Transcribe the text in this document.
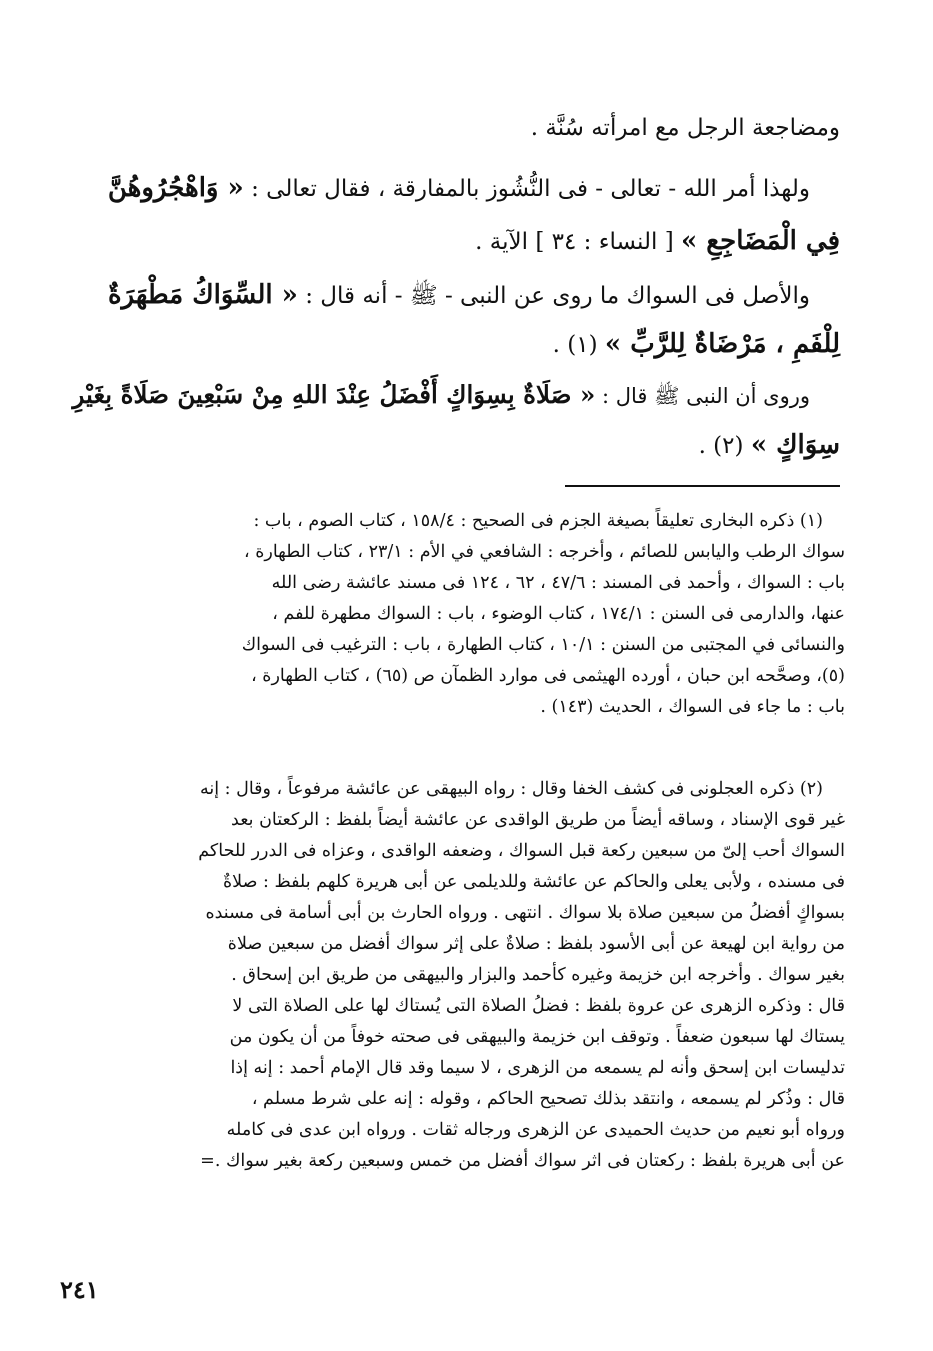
ومضاجعة الرجل مع امرأته سُنَّة .

ولهذا أمر الله - تعالى - فى النُّشُوز بالمفارقة ، فقال تعالى : « وَاهْجُرُوهُنَّ

فِي الْمَضَاجِعِ » [ النساء : ٣٤ ] الآية .

والأصل فى السواك ما روى عن النبى - ﷺ - أنه قال : « السِّوَاكُ مَطْهَرَةٌ

لِلْفَمِ ، مَرْضَاةٌ لِلرَّبِّ » (١) .

وروى أن النبى ﷺ قال : « صَلَاةٌ بِسِوَاكٍ أَفْضَلُ عِنْدَ اللهِ مِنْ سَبْعِينَ صَلَاةً بِغَيْرِ

سِوَاكٍ » (٢) .

(١) ذكره البخارى تعليقاً بصيغة الجزم فى الصحيح : ١٥٨/٤ ، كتاب الصوم ، باب :

سواك الرطب واليابس للصائم ، وأخرجه : الشافعي في الأم : ٢٣/١ ، كتاب الطهارة ،

باب : السواك ، وأحمد فى المسند : ٤٧/٦ ، ٦٢ ، ١٢٤ فى مسند عائشة رضى الله

عنها، والدارمى فى السنن : ١٧٤/١ ، كتاب الوضوء ، باب : السواك مطهرة للفم ،

والنسائى في المجتبى من السنن : ١٠/١ ، كتاب الطهارة ، باب : الترغيب فى السواك

(٥)، وصحَّحه ابن حبان ، أورده الهيثمى فى موارد الظمآن ص (٦٥) ، كتاب الطهارة ،

باب : ما جاء فى السواك ، الحديث (١٤٣) .

(٢) ذكره العجلونى فى كشف الخفا وقال : رواه البيهقى عن عائشة مرفوعاً ، وقال : إنه

غير قوى الإسناد ، وساقه أيضاً من طريق الواقدى عن عائشة أيضاً بلفظ : الركعتان بعد

السواك أحب إلىّ من سبعين ركعة قبل السواك ، وضعفه الواقدى ، وعزاه فى الدرر للحاكم

فى مسنده ، ولأبى يعلى والحاكم عن عائشة وللديلمى عن أبى هريرة كلهم بلفظ : صلاةٌ

بسواكٍ أفضلُ من سبعين صلاة بلا سواك . انتهى . ورواه الحارث بن أبى أسامة فى مسنده

من رواية ابن لهيعة عن أبى الأسود بلفظ : صلاةٌ على إثر سواك أفضل من سبعين صلاة

بغير سواك . وأخرجه ابن خزيمة وغيره كأحمد والبزار والبيهقى من طريق ابن إسحاق .

قال : وذكره الزهرى عن عروة بلفظ : فضلُ الصلاة التى يُستاك لها على الصلاة التى لا

يستاك لها سبعون ضعفاً . وتوقف ابن خزيمة والبيهقى فى صحته خوفاً من أن يكون من

تدليسات ابن إسحق وأنه لم يسمعه من الزهرى ، لا سيما وقد قال الإمام أحمد : إنه إذا

قال : وذُكر لم يسمعه ، وانتقد بذلك تصحيح الحاكم ، وقوله : إنه على شرط مسلم ،

ورواه أبو نعيم من حديث الحميدى عن الزهرى ورجاله ثقات . ورواه ابن عدى فى كامله

عن أبى هريرة بلفظ : ركعتان فى اثر سواك أفضل من خمس وسبعين ركعة بغير سواك .=

٢٤١
